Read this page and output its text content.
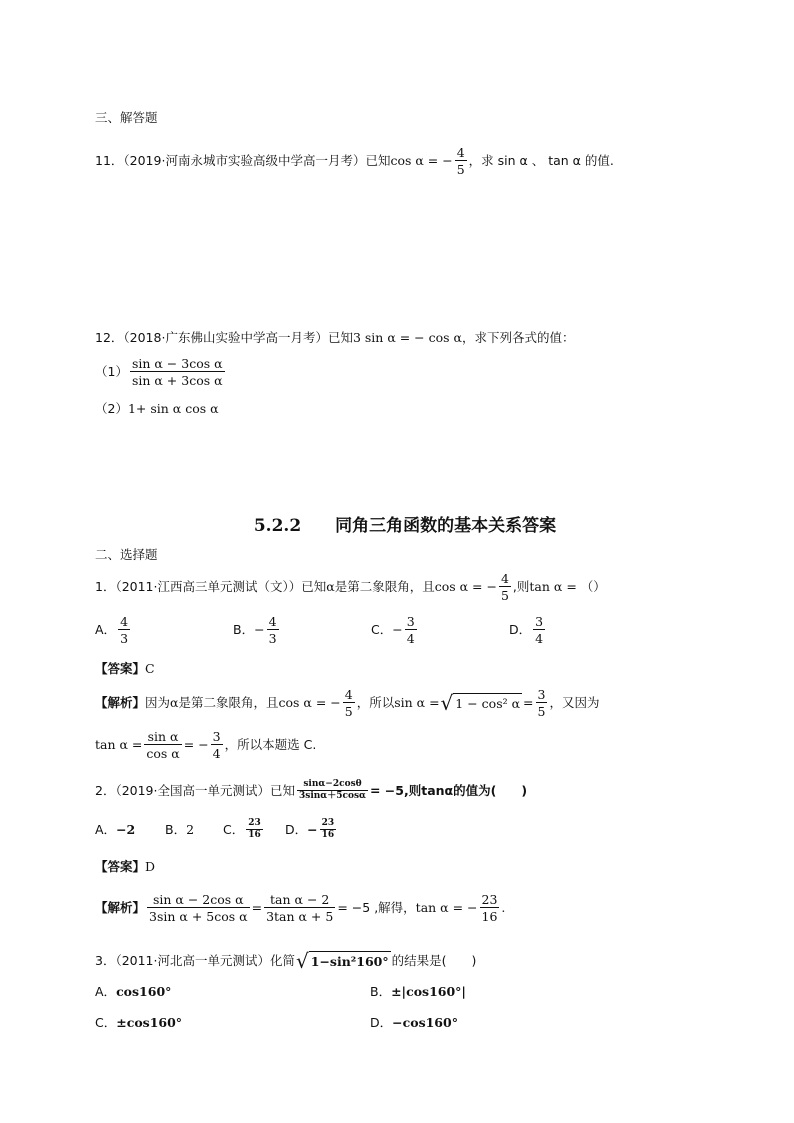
三、解答题
11．（2019·河南永城市实验高级中学高一月考）已知 cos α = − $\frac{4}{5}$ ，求 sin α 、 tan α 的值.
12．（2018·广东佛山实验中学高一月考）已知 3 sin α = − cos α ，求下列各式的值：
$(1) \frac{\text{sin α − 3cos α}}{\text{sin α + 3cos α}}$
（2） 1+ sin α cos α
5.2.2 同角三角函数的基本关系答案
二、选择题
1．（2011·江西高三单元测试（文））已知 α 是第二象限角，且 cos α = − $\frac{4}{5}$ ,则 tan α = （）
A． $\frac{4}{3}$	B． − $\frac{4}{3}$	C． − $\frac{3}{4}$	D． $\frac{3}{4}$
【答案】 C
【解析】 因为 α 是第二象限角，且 cos α = − $\frac{4}{5}$ ，所以 sin α = √ 1 − cos² $\alpha = \frac{3}{5}$ ，又因为
$\tan \alpha = \frac{\text{sin α}}{\text{cos α}}$ = − $\frac{3}{4}$ ，所以本题选 C.
2．（2019·全国高一单元测试）已知 $\frac{\sin\alpha-2\cos\theta}{3\sin\alpha+5\cos\alpha} = -5$,则tanα的值为(　　)
A． −2 B． 2 C． $\frac{23}{16}$ D． − $\frac{23}{16}$
【答案】 D
【解析】 $\frac{\text{sin α − 2cos α}}{\text{3sin α + 5cos α}} = \frac{\text{tan α − 2}}{\text{3tan α + 5}} = -5$ ,解得， tan α = − $\frac{23}{16}$ .
3．（2011·河北高一单元测试）化简 √ 1−sin²160° 的结果是(　　)
A． cos160°	B． ±|cos160°|
C． ±cos160°	D． −cos160°
